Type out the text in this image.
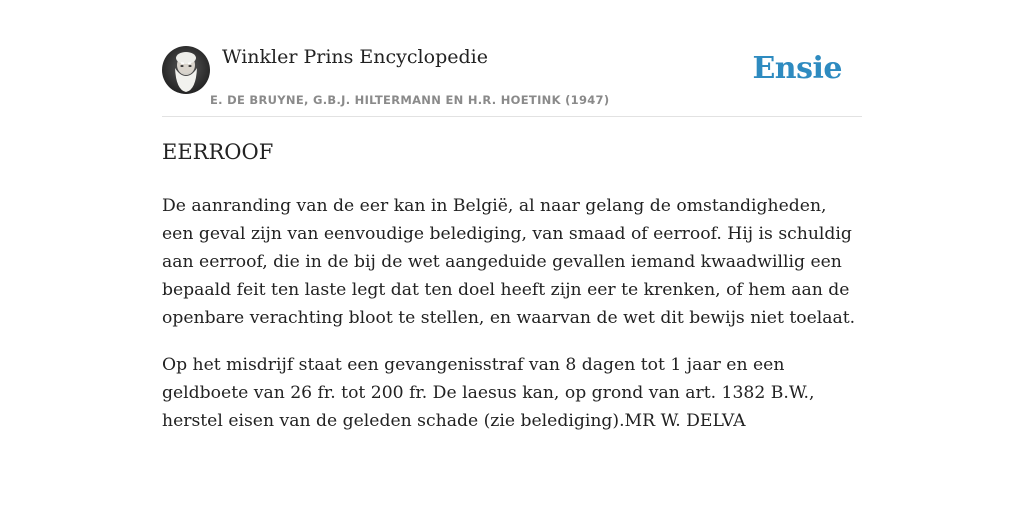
Winkler Prins Encyclopedie
E. DE BRUYNE, G.B.J. HILTERMANN EN H.R. HOETINK (1947)
Ensie
EERROOF

De aanranding van de eer kan in België, al naar gelang de omstandigheden, een geval zijn van eenvoudige belediging, van smaad of eerroof. Hij is schuldig aan eerroof, die in de bij de wet aangeduide gevallen iemand kwaadwillig een bepaald feit ten laste legt dat ten doel heeft zijn eer te krenken, of hem aan de openbare verachting bloot te stellen, en waarvan de wet dit bewijs niet toelaat.

Op het misdrijf staat een gevangenisstraf van 8 dagen tot 1 jaar en een geldboete van 26 fr. tot 200 fr. De laesus kan, op grond van art. 1382 B.W., herstel eisen van de geleden schade (zie belediging).MR W. DELVA
